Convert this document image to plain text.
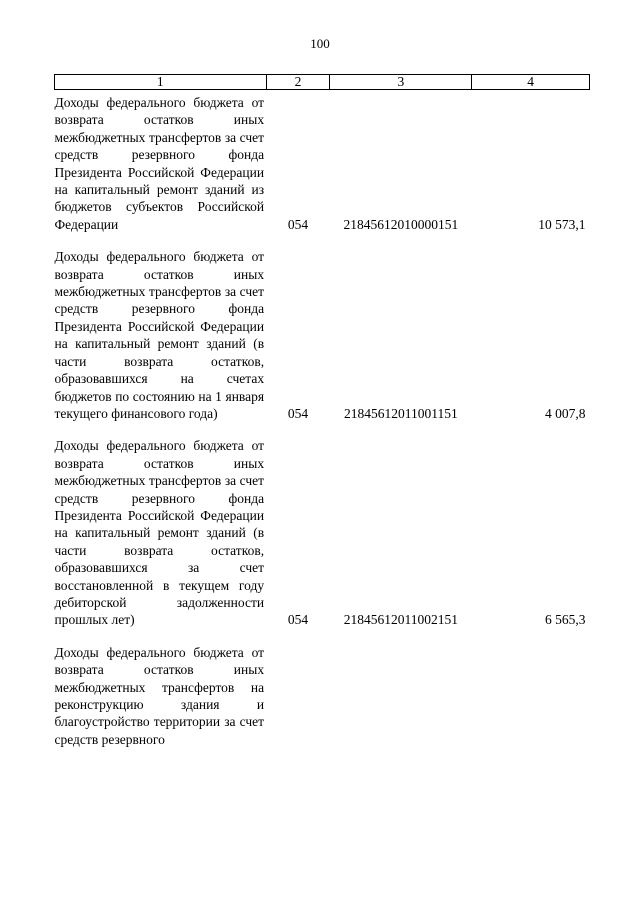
100
1	2	3	4
Доходы федерального бюджета от возврата остатков иных межбюджетных трансфертов за счет средств резервного фонда Президента Российской Федерации на капитальный ремонт зданий из бюджетов субъектов Российской Федерации	054	21845612010000151	10 573,1
Доходы федерального бюджета от возврата остатков иных межбюджетных трансфертов за счет средств резервного фонда Президента Российской Федерации на капитальный ремонт зданий (в части возврата остатков, образовавшихся на счетах бюджетов по состоянию на 1 января текущего финансового года)	054	21845612011001151	4 007,8
Доходы федерального бюджета от возврата остатков иных межбюджетных трансфертов за счет средств резервного фонда Президента Российской Федерации на капитальный ремонт зданий (в части возврата остатков, образовавшихся за счет восстановленной в текущем году дебиторской задолженности прошлых лет)	054	21845612011002151	6 565,3
Доходы федерального бюджета от возврата остатков иных межбюджетных трансфертов на реконструкцию здания и благоустройство территории за счет средств резервного			
